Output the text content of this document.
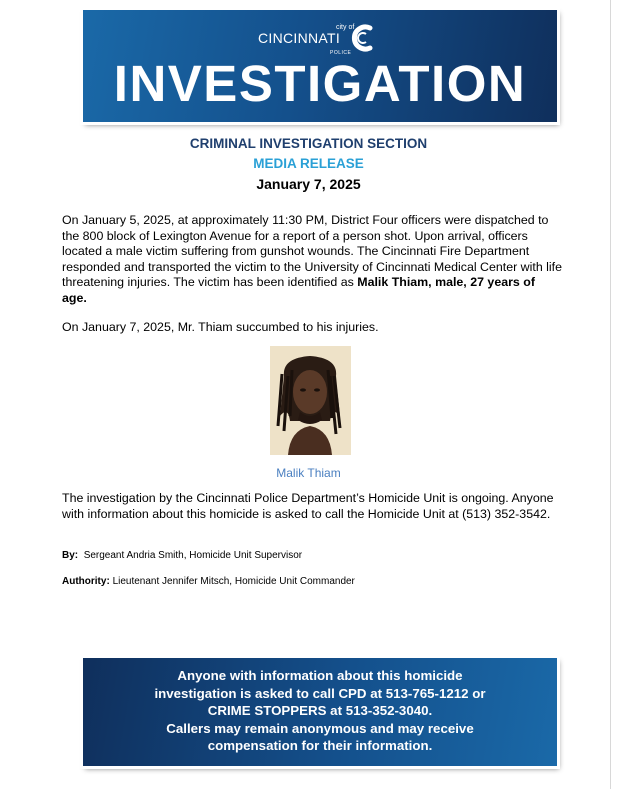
city of
CINCINNATI
POLICE
INVESTIGATION
CRIMINAL INVESTIGATION SECTION
MEDIA RELEASE
January 7, 2025
On January 5, 2025, at approximately 11:30 PM, District Four officers were dispatched to the 800 block of Lexington Avenue for a report of a person shot. Upon arrival, officers located a male victim suffering from gunshot wounds. The Cincinnati Fire Department responded and transported the victim to the University of Cincinnati Medical Center with life threatening injuries. The victim has been identified as Malik Thiam, male, 27 years of age.
On January 7, 2025, Mr. Thiam succumbed to his injuries.
Malik Thiam
The investigation by the Cincinnati Police Department’s Homicide Unit is ongoing. Anyone with information about this homicide is asked to call the Homicide Unit at (513) 352-3542.
By: Sergeant Andria Smith, Homicide Unit Supervisor
Authority: Lieutenant Jennifer Mitsch, Homicide Unit Commander
Anyone with information about this homicide
investigation is asked to call CPD at 513-765-1212 or
CRIME STOPPERS at 513-352-3040.
Callers may remain anonymous and may receive
compensation for their information.
